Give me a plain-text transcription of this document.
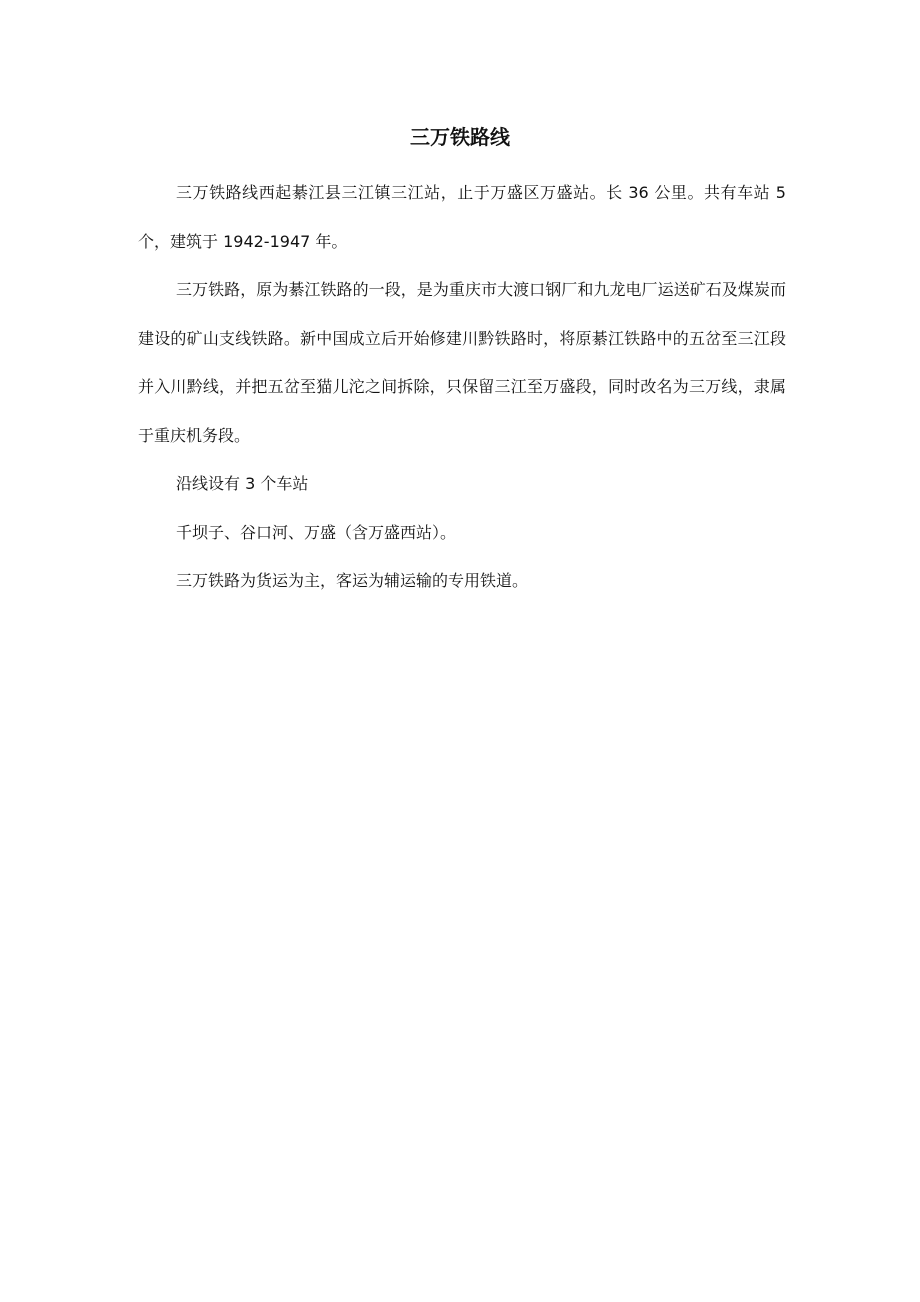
三万铁路线

三万铁路线西起綦江县三江镇三江站，止于万盛区万盛站。长 36 公里。共有车站 5 个，建筑于 1942-1947 年。

三万铁路，原为綦江铁路的一段，是为重庆市大渡口钢厂和九龙电厂运送矿石及煤炭而建设的矿山支线铁路。新中国成立后开始修建川黔铁路时，将原綦江铁路中的五岔至三江段并入川黔线，并把五岔至猫儿沱之间拆除，只保留三江至万盛段，同时改名为三万线，隶属于重庆机务段。

沿线设有 3 个车站

千坝子、谷口河、万盛（含万盛西站）。

三万铁路为货运为主，客运为辅运输的专用铁道。
